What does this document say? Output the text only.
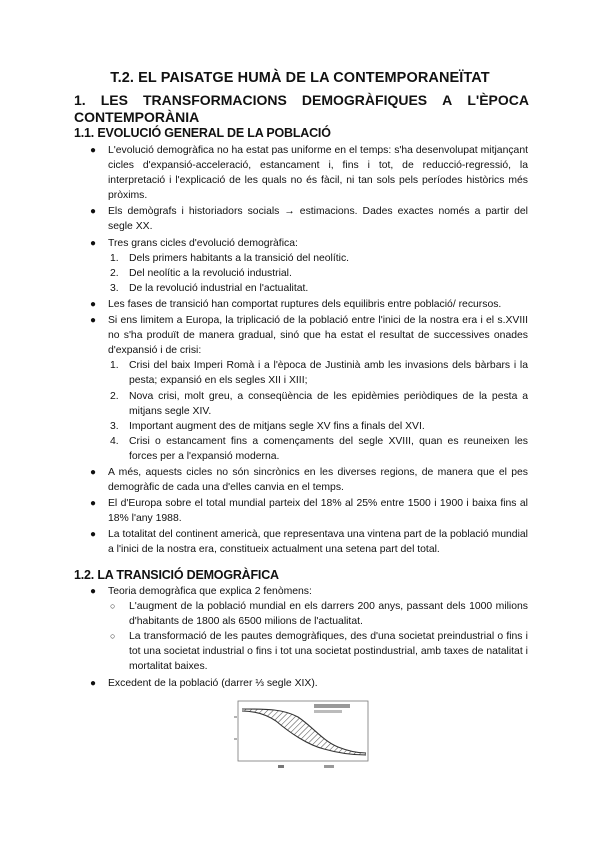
T.2. EL PAISATGE HUMÀ DE LA CONTEMPORANEÏTAT
1. LES TRANSFORMACIONS DEMOGRÀFIQUES A L'ÈPOCA
CONTEMPORÀNIA
1.1. EVOLUCIÓ GENERAL DE LA POBLACIÓ
● L'evolució demogràfica no ha estat pas uniforme en el temps: s'ha desenvolupat mitjançant cicles d'expansió-acceleració, estancament i, fins i tot, de reducció-regressió, la interpretació i l'explicació de les quals no és fàcil, ni tan sols pels períodes històrics més pròxims.
● Els demògrafs i historiadors socials → estimacions. Dades exactes només a partir del segle XX.
● Tres grans cicles d'evolució demogràfica:
1. Dels primers habitants a la transició del neolític.
2. Del neolític a la revolució industrial.
3. De la revolució industrial en l'actualitat.
● Les fases de transició han comportat ruptures dels equilibris entre població/ recursos.
● Si ens limitem a Europa, la triplicació de la població entre l'inici de la nostra era i el s.XVIII no s'ha produït de manera gradual, sinó que ha estat el resultat de successives onades d'expansió i de crisi:
1. Crisi del baix Imperi Romà i a l'època de Justinià amb les invasions dels bàrbars i la pesta; expansió en els segles XII i XIII;
2. Nova crisi, molt greu, a conseqüència de les epidèmies periòdiques de la pesta a mitjans segle XIV.
3. Important augment des de mitjans segle XV fins a finals del XVI.
4. Crisi o estancament fins a començaments del segle XVIII, quan es reuneixen les forces per a l'expansió moderna.
● A més, aquests cicles no són sincrònics en les diverses regions, de manera que el pes demogràfic de cada una d'elles canvia en el temps.
● El d'Europa sobre el total mundial parteix del 18% al 25% entre 1500 i 1900 i baixa fins al 18% l'any 1988.
● La totalitat del continent americà, que representava una vintena part de la població mundial a l'inici de la nostra era, constitueix actualment una setena part del total.
1.2. LA TRANSICIÓ DEMOGRÀFICA
● Teoria demogràfica que explica 2 fenòmens:
○ L'augment de la població mundial en els darrers 200 anys, passant dels 1000 milions d'habitants de 1800 als 6500 milions de l'actualitat.
○ La transformació de les pautes demogràfiques, des d'una societat preindustrial o fins i tot una societat industrial o fins i tot una societat postindustrial, amb taxes de natalitat i mortalitat baixes.
● Excedent de la població (darrer ⅓ segle XIX).
